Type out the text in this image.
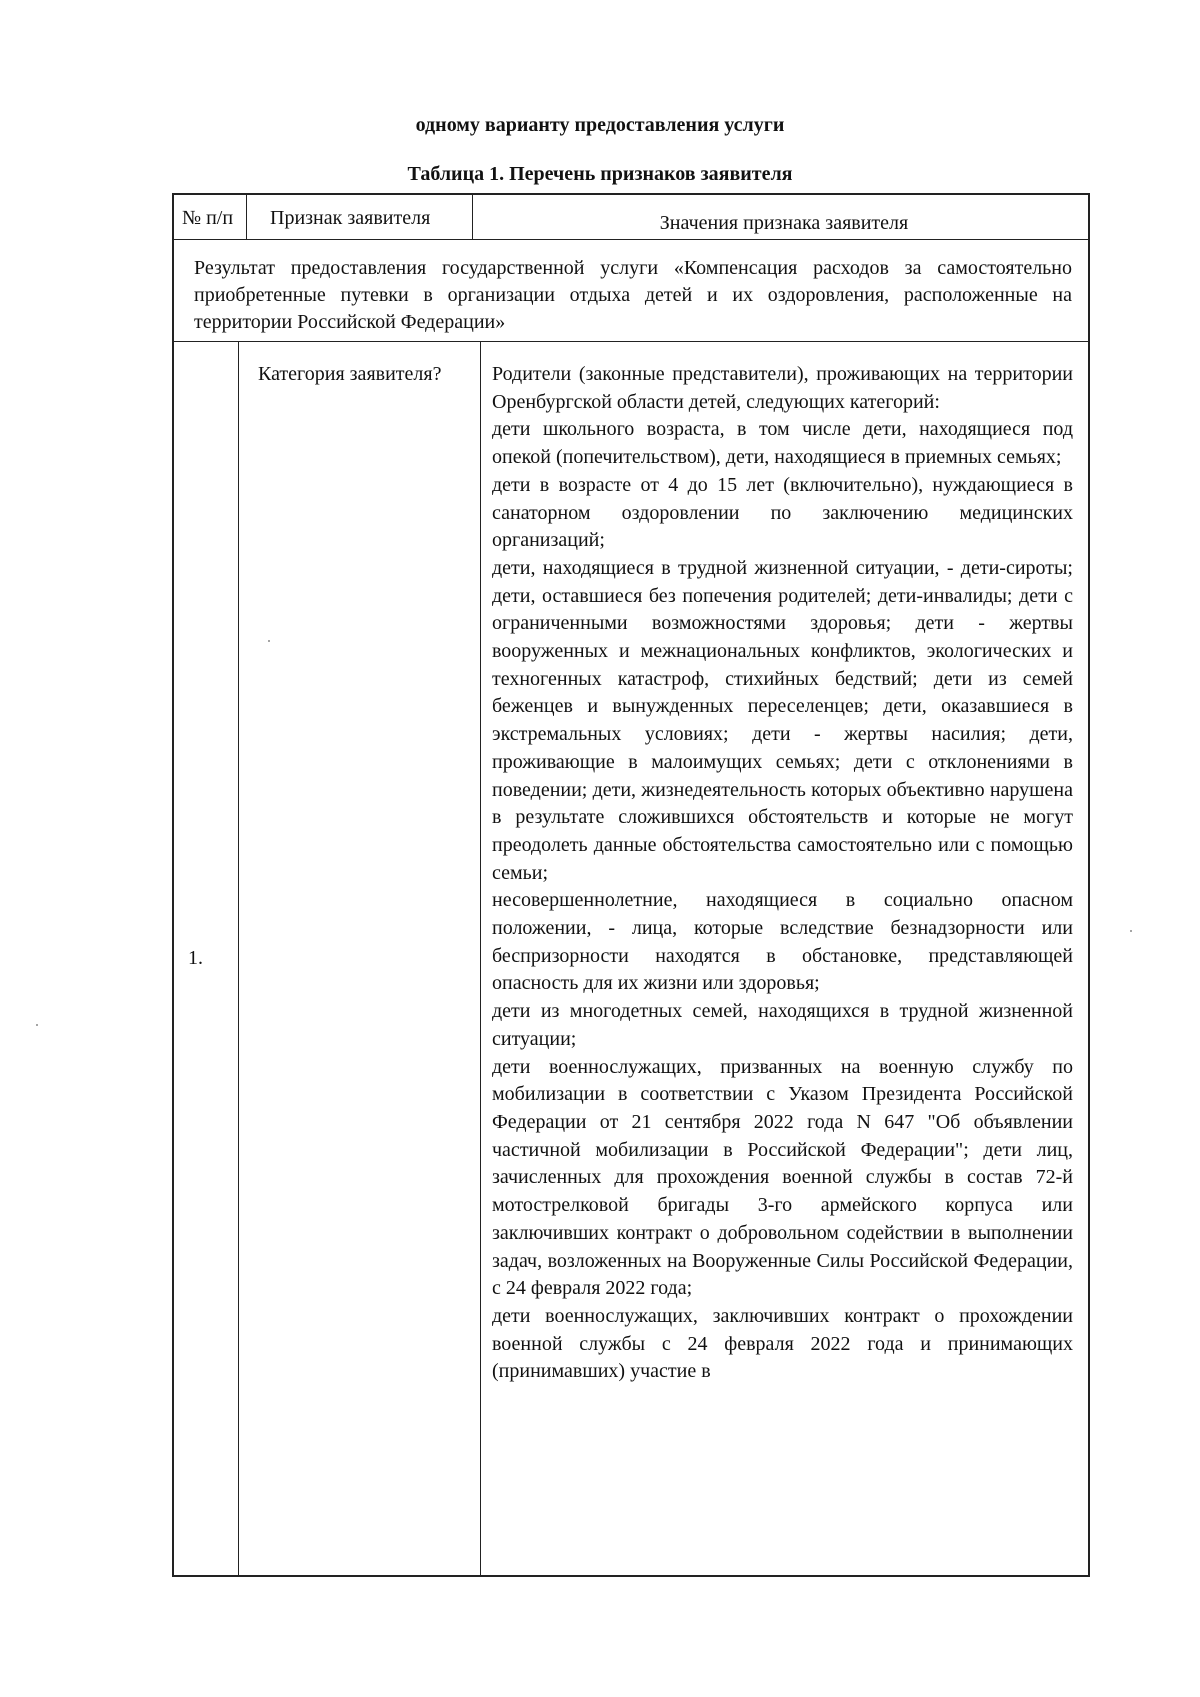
одному варианту предоставления услуги
Таблица 1. Перечень признаков заявителя
№ п/п Признак заявителя	Значения признака заявителя
Результат предоставления государственной услуги «Компенсация расходов за самостоятельно приобретенные путевки в организации отдыха детей и их оздоровления, расположенные на территории Российской Федерации»
1.
Категория заявителя?	Родители (законные представители), проживающих на территории Оренбургской области детей, следующих категорий:
дети школьного возраста, в том числе дети, находящиеся под опекой (попечительством), дети, находящиеся в приемных семьях;
дети в возрасте от 4 до 15 лет (включительно), нуждающиеся в санаторном оздоровлении по заключению медицинских организаций;
дети, находящиеся в трудной жизненной ситуации, - дети-сироты; дети, оставшиеся без попечения родителей; дети-инвалиды; дети с ограниченными возможностями здоровья; дети - жертвы вооруженных и межнациональных конфликтов, экологических и техногенных катастроф, стихийных бедствий; дети из семей беженцев и вынужденных переселенцев; дети, оказавшиеся в экстремальных условиях; дети - жертвы насилия; дети, проживающие в малоимущих семьях; дети с отклонениями в поведении; дети, жизнедеятельность которых объективно нарушена в результате сложившихся обстоятельств и которые не могут преодолеть данные обстоятельства самостоятельно или с помощью семьи;
несовершеннолетние, находящиеся в социально опасном положении, - лица, которые вследствие безнадзорности или беспризорности находятся в обстановке, представляющей опасность для их жизни или здоровья;
дети из многодетных семей, находящихся в трудной жизненной ситуации;
дети военнослужащих, призванных на военную службу по мобилизации в соответствии с Указом Президента Российской Федерации от 21 сентября 2022 года N 647 "Об объявлении частичной мобилизации в Российской Федерации"; дети лиц, зачисленных для прохождения военной службы в состав 72-й мотострелковой бригады 3-го армейского корпуса или заключивших контракт о добровольном содействии в выполнении задач, возложенных на Вооруженные Силы Российской Федерации, с 24 февраля 2022 года;
дети военнослужащих, заключивших контракт о прохождении военной службы с 24 февраля 2022 года и принимающих (принимавших) участие в
